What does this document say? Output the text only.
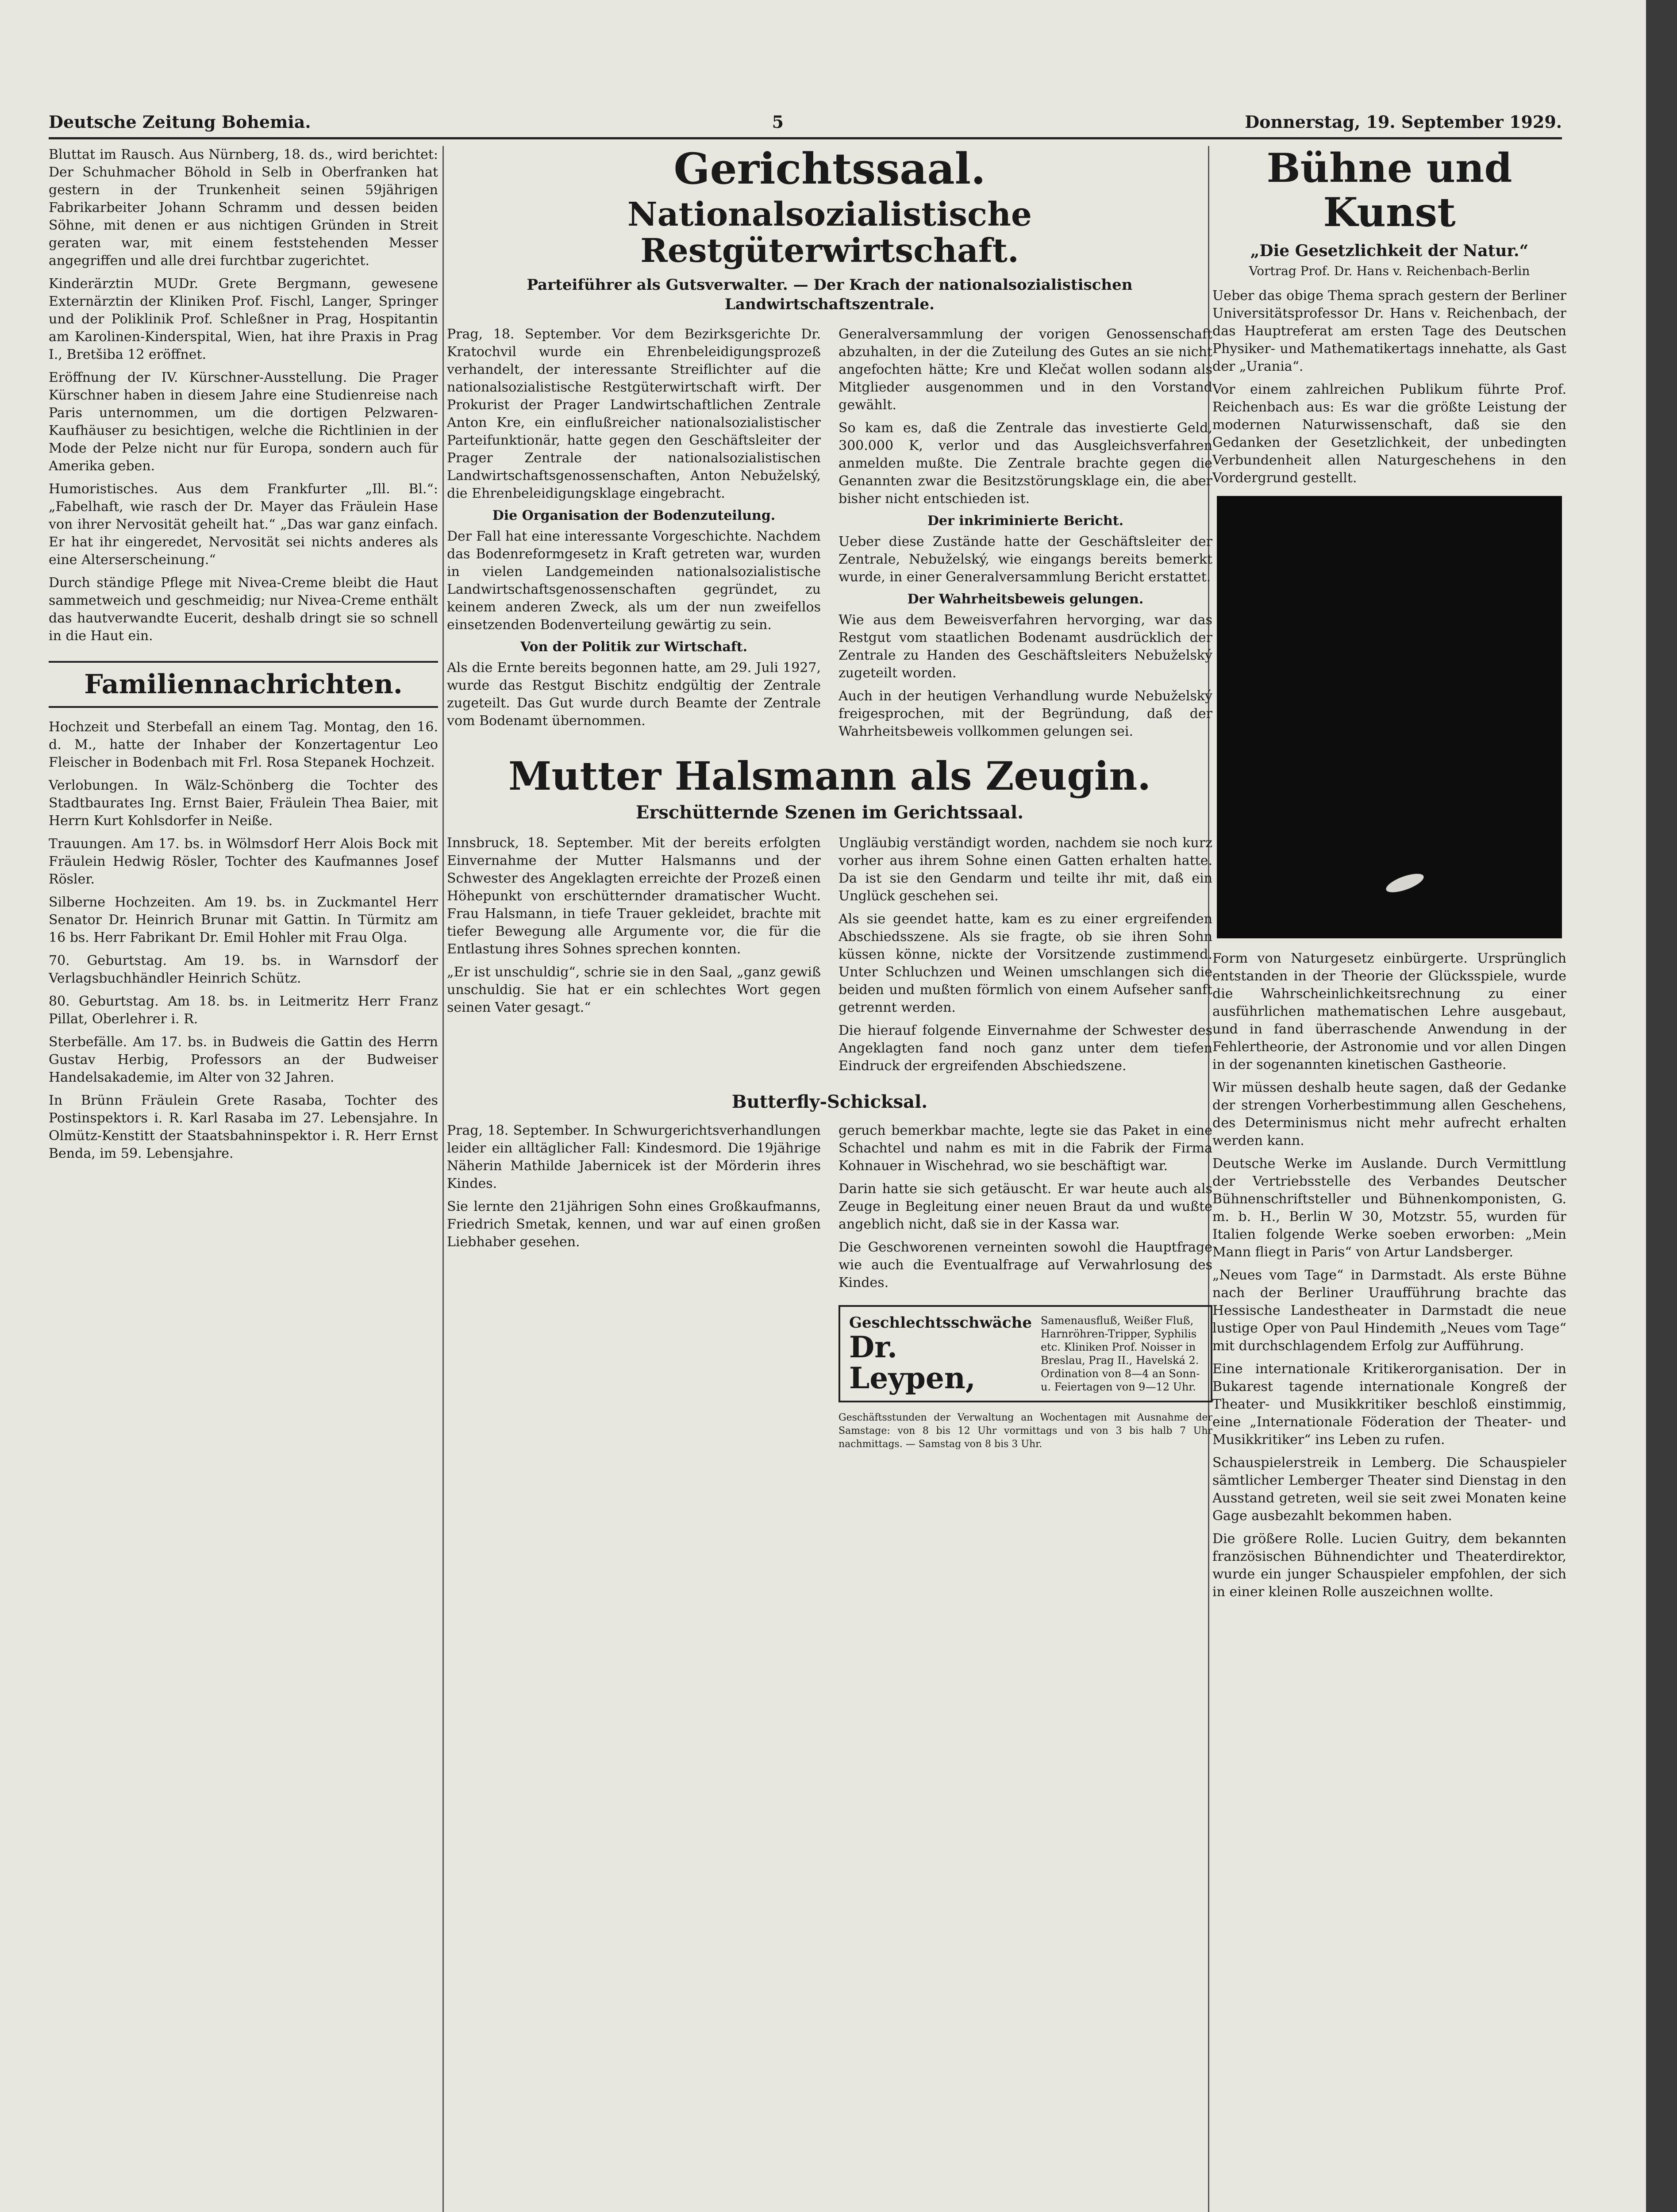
Deutsche Zeitung Bohemia.	5	Donnerstag, 19. September 1929.

Bluttat im Rausch. Aus Nürnberg, 18. ds., wird berichtet: Der Schuhmacher Böhold in Selb in Oberfranken hat gestern in der Trunkenheit seinen 59jährigen Fabrikarbeiter Johann Schramm und dessen beiden Söhne, mit denen er aus nichtigen Gründen in Streit geraten war, mit einem feststehenden Messer angegriffen und alle drei furchtbar zugerichtet.

Kinderärztin MUDr. Grete Bergmann, gewesene Externärztin der Kliniken Prof. Fischl, Langer, Springer und der Poliklinik Prof. Schleßner in Prag, Hospitantin am Karolinen-Kinderspital, Wien, hat ihre Praxis in Prag I., Bretšiba 12 eröffnet.

Eröffnung der IV. Kürschner-Ausstellung. Die Prager Kürschner haben in diesem Jahre eine Studienreise nach Paris unternommen, um die dortigen Pelzwaren-Kaufhäuser zu besichtigen, welche die Richtlinien in der Mode der Pelze nicht nur für Europa, sondern auch für Amerika geben.

Humoristisches. Aus dem Frankfurter „Ill. Bl.“: „Fabelhaft, wie rasch der Dr. Mayer das Fräulein Hase von ihrer Nervosität geheilt hat.“ „Das war ganz einfach. Er hat ihr eingeredet, Nervosität sei nichts anderes als eine Alterserscheinung.“

Durch ständige Pflege mit Nivea-Creme bleibt die Haut sammetweich und geschmeidig; nur Nivea-Creme enthält das hautverwandte Eucerit, deshalb dringt sie so schnell in die Haut ein.

Familiennachrichten.

Hochzeit und Sterbefall an einem Tag. Montag, den 16. d. M., hatte der Inhaber der Konzertagentur Leo Fleischer in Bodenbach mit Frl. Rosa Stepanek Hochzeit.

Verlobungen. In Wälz-Schönberg die Tochter des Stadtbaurates Ing. Ernst Baier, Fräulein Thea Baier, mit Herrn Kurt Kohlsdorfer in Neiße.

Trauungen. Am 17. bs. in Wölmsdorf Herr Alois Bock mit Fräulein Hedwig Rösler, Tochter des Kaufmannes Josef Rösler.

Silberne Hochzeiten. Am 19. bs. in Zuckmantel Herr Senator Dr. Heinrich Brunar mit Gattin. In Türmitz am 16 bs. Herr Fabrikant Dr. Emil Hohler mit Frau Olga.

70. Geburtstag. Am 19. bs. in Warnsdorf der Verlagsbuchhändler Heinrich Schütz.

80. Geburtstag. Am 18. bs. in Leitmeritz Herr Franz Pillat, Oberlehrer i. R.

Sterbefälle. Am 17. bs. in Budweis die Gattin des Herrn Gustav Herbig, Professors an der Budweiser Handelsakademie, im Alter von 32 Jahren.

In Brünn Fräulein Grete Rasaba, Tochter des Postinspektors i. R. Karl Rasaba im 27. Lebensjahre. In Olmütz-Kenstitt der Staatsbahninspektor i. R. Herr Ernst Benda, im 59. Lebensjahre.

Gerichtssaal.
Nationalsozialistische Restgüterwirtschaft.
Parteiführer als Gutsverwalter. — Der Krach der nationalsozialistischen Landwirtschaftszentrale.

Prag, 18. September. Vor dem Bezirksgerichte Dr. Kratochvil wurde ein Ehrenbeleidigungsprozeß verhandelt, der interessante Streiflichter auf die nationalsozialistische Restgüterwirtschaft wirft. Der Prokurist der Prager Landwirtschaftlichen Zentrale Anton Kre, ein einflußreicher nationalsozialistischer Parteifunktionär, hatte gegen den Geschäftsleiter der Prager Zentrale der nationalsozialistischen Landwirtschaftsgenossenschaften, Anton Nebuželský, die Ehrenbeleidigungsklage eingebracht.

Die Organisation der Bodenzuteilung.

Der Fall hat eine interessante Vorgeschichte. Nachdem das Bodenreformgesetz in Kraft getreten war, wurden in vielen Landgemeinden nationalsozialistische Landwirtschaftsgenossenschaften gegründet, zu keinem anderen Zweck, als um der nun zweifellos einsetzenden Bodenverteilung gewärtig zu sein.

Von der Politik zur Wirtschaft.

Als die Ernte bereits begonnen hatte, am 29. Juli 1927, wurde das Restgut Bischitz endgültig der Zentrale zugeteilt. Das Gut wurde durch Beamte der Zentrale vom Bodenamt übernommen.

Generalversammlung der vorigen Genossenschaft abzuhalten, in der die Zuteilung des Gutes an sie nicht angefochten hätte; Kre und Klečat wollen sodann als Mitglieder ausgenommen und in den Vorstand gewählt.

So kam es, daß die Zentrale das investierte Geld, 300.000 K, verlor und das Ausgleichsverfahren anmelden mußte. Die Zentrale brachte gegen die Genannten zwar die Besitzstörungsklage ein, die aber bisher nicht entschieden ist.

Der inkriminierte Bericht.

Ueber diese Zustände hatte der Geschäftsleiter der Zentrale, Nebuželský, wie eingangs bereits bemerkt wurde, in einer Generalversammlung Bericht erstattet.

Der Wahrheitsbeweis gelungen.

Wie aus dem Beweisverfahren hervorging, war das Restgut vom staatlichen Bodenamt ausdrücklich der Zentrale zu Handen des Geschäftsleiters Nebuželský zugeteilt worden.

Auch in der heutigen Verhandlung wurde Nebuželský freigesprochen, mit der Begründung, daß der Wahrheitsbeweis vollkommen gelungen sei.

Mutter Halsmann als Zeugin.
Erschütternde Szenen im Gerichtssaal.

Innsbruck, 18. September. Mit der bereits erfolgten Einvernahme der Mutter Halsmanns und der Schwester des Angeklagten erreichte der Prozeß einen Höhepunkt von erschütternder dramatischer Wucht. Frau Halsmann, in tiefe Trauer gekleidet, brachte mit tiefer Bewegung alle Argumente vor, die für die Entlastung ihres Sohnes sprechen konnten.

„Er ist unschuldig“, schrie sie in den Saal, „ganz gewiß unschuldig. Sie hat er ein schlechtes Wort gegen seinen Vater gesagt.“

Ungläubig verständigt worden, nachdem sie noch kurz vorher aus ihrem Sohne einen Gatten erhalten hatte. Da ist sie den Gendarm und teilte ihr mit, daß ein Unglück geschehen sei.

Als sie geendet hatte, kam es zu einer ergreifenden Abschiedsszene. Als sie fragte, ob sie ihren Sohn küssen könne, nickte der Vorsitzende zustimmend. Unter Schluchzen und Weinen umschlangen sich die beiden und mußten förmlich von einem Aufseher sanft getrennt werden.

Die hierauf folgende Einvernahme der Schwester des Angeklagten fand noch ganz unter dem tiefen Eindruck der ergreifenden Abschiedszene.

Butterfly-Schicksal.

Prag, 18. September. In Schwurgerichtsverhandlungen leider ein alltäglicher Fall: Kindesmord. Die 19jährige Näherin Mathilde Jabernicek ist der Mörderin ihres Kindes.

Sie lernte den 21jährigen Sohn eines Großkaufmanns, Friedrich Smetak, kennen, und war auf einen großen Liebhaber gesehen.

geruch bemerkbar machte, legte sie das Paket in eine Schachtel und nahm es mit in die Fabrik der Firma Kohnauer in Wischehrad, wo sie beschäftigt war.

Darin hatte sie sich getäuscht. Er war heute auch als Zeuge in Begleitung einer neuen Braut da und wußte angeblich nicht, daß sie in der Kassa war.

Die Geschworenen verneinten sowohl die Hauptfrage wie auch die Eventualfrage auf Verwahrlosung des Kindes.

Geschlechtsschwäche
Dr. Leypen,
Samenausfluß, Weißer Fluß, Harnröhren-Tripper, Syphilis etc. Kliniken Prof. Noisser in Breslau, Prag II., Havelská 2. Ordination von 8—4 an Sonn- u. Feiertagen von 9—12 Uhr.

Geschäftsstunden der Verwaltung an Wochentagen mit Ausnahme der Samstage: von 8 bis 12 Uhr vormittags und von 3 bis halb 7 Uhr nachmittags. — Samstag von 8 bis 3 Uhr.

Bühne und Kunst
„Die Gesetzlichkeit der Natur.“
Vortrag Prof. Dr. Hans v. Reichenbach-Berlin

Ueber das obige Thema sprach gestern der Berliner Universitätsprofessor Dr. Hans v. Reichenbach, der das Hauptreferat am ersten Tage des Deutschen Physiker- und Mathematikertags innehatte, als Gast der „Urania“.

Vor einem zahlreichen Publikum führte Prof. Reichenbach aus: Es war die größte Leistung der modernen Naturwissenschaft, daß sie den Gedanken der Gesetzlichkeit, der unbedingten Verbundenheit allen Naturgeschehens in den Vordergrund gestellt.

Form von Naturgesetz einbürgerte. Ursprünglich entstanden in der Theorie der Glücksspiele, wurde die Wahrscheinlichkeitsrechnung zu einer ausführlichen mathematischen Lehre ausgebaut, und in fand überraschende Anwendung in der Fehlertheorie, der Astronomie und vor allen Dingen in der sogenannten kinetischen Gastheorie.

Wir müssen deshalb heute sagen, daß der Gedanke der strengen Vorherbestimmung allen Geschehens, des Determinismus nicht mehr aufrecht erhalten werden kann.

Deutsche Werke im Auslande. Durch Vermittlung der Vertriebsstelle des Verbandes Deutscher Bühnenschriftsteller und Bühnenkomponisten, G. m. b. H., Berlin W 30, Motzstr. 55, wurden für Italien folgende Werke soeben erworben: „Mein Mann fliegt in Paris“ von Artur Landsberger.

„Neues vom Tage“ in Darmstadt. Als erste Bühne nach der Berliner Uraufführung brachte das Hessische Landestheater in Darmstadt die neue lustige Oper von Paul Hindemith „Neues vom Tage“ mit durchschlagendem Erfolg zur Aufführung.

Eine internationale Kritikerorganisation. Der in Bukarest tagende internationale Kongreß der Theater- und Musikkritiker beschloß einstimmig, eine „Internationale Föderation der Theater- und Musikkritiker“ ins Leben zu rufen.

Schauspielerstreik in Lemberg. Die Schauspieler sämtlicher Lemberger Theater sind Dienstag in den Ausstand getreten, weil sie seit zwei Monaten keine Gage ausbezahlt bekommen haben.

Die größere Rolle. Lucien Guitry, dem bekannten französischen Bühnendichter und Theaterdirektor, wurde ein junger Schauspieler empfohlen, der sich in einer kleinen Rolle auszeichnen wollte.
